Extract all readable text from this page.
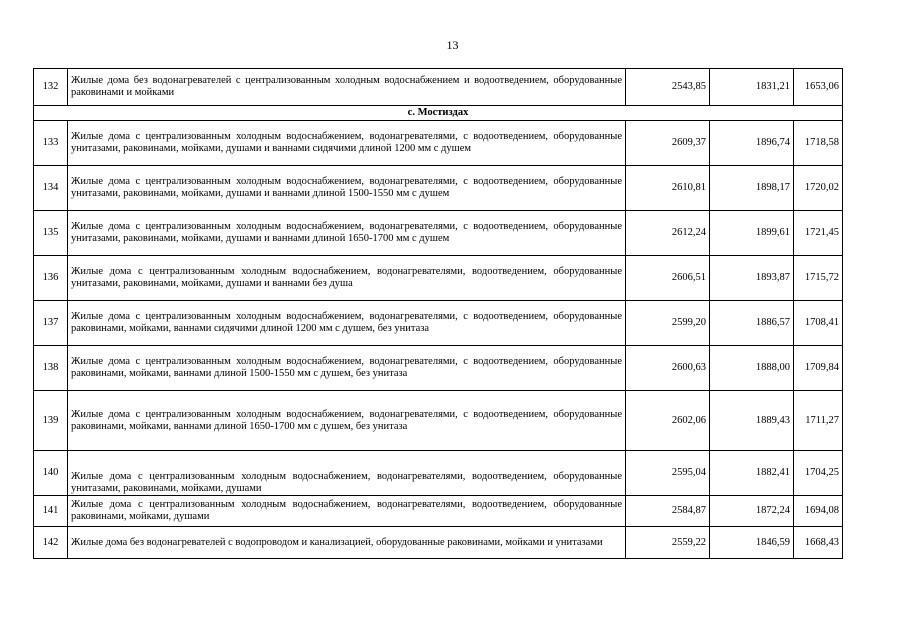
13
132	Жилые дома без водонагревателей с централизованным холодным водоснабжением и водоотведением, оборудованные раковинами и мойками	2543,85	1831,21	1653,06
с. Мостиздах				
133	Жилые дома с централизованным холодным водоснабжением, водонагревателями, с водоотведением, оборудованные унитазами, раковинами, мойками, душами и ваннами сидячими длиной 1200 мм с душем	2609,37	1896,74	1718,58
134	Жилые дома с централизованным холодным водоснабжением, водонагревателями, с водоотведением, оборудованные унитазами, раковинами, мойками, душами и ваннами длиной 1500-1550 мм с душем	2610,81	1898,17	1720,02
135	Жилые дома с централизованным холодным водоснабжением, водонагревателями, с водоотведением, оборудованные унитазами, раковинами, мойками, душами и ваннами длиной 1650-1700 мм с душем	2612,24	1899,61	1721,45
136	Жилые дома с централизованным холодным водоснабжением, водонагревателями, водоотведением, оборудованные унитазами, раковинами, мойками, душами и ваннами без душа	2606,51	1893,87	1715,72
137	Жилые дома с централизованным холодным водоснабжением, водонагревателями, с водоотведением, оборудованные раковинами, мойками, ваннами сидячими длиной 1200 мм с душем, без унитаза	2599,20	1886,57	1708,41
138	Жилые дома с централизованным холодным водоснабжением, водонагревателями, с водоотведением, оборудованные раковинами, мойками, ваннами длиной 1500-1550 мм с душем, без унитаза	2600,63	1888,00	1709,84
139	Жилые дома с централизованным холодным водоснабжением, водонагревателями, с водоотведением, оборудованные раковинами, мойками, ваннами длиной 1650-1700 мм с душем, без унитаза	2602,06	1889,43	1711,27
140	Жилые дома с централизованным холодным водоснабжением, водонагревателями, водоотведением, оборудованные унитазами, раковинами, мойками, душами	2595,04	1882,41	1704,25
141	Жилые дома с централизованным холодным водоснабжением, водонагревателями, водоотведением, оборудованные раковинами, мойками, душами	2584,87	1872,24	1694,08
142	Жилые дома без водонагревателей с водопроводом и канализацией, оборудованные раковинами, мойками и унитазами	2559,22	1846,59	1668,43
